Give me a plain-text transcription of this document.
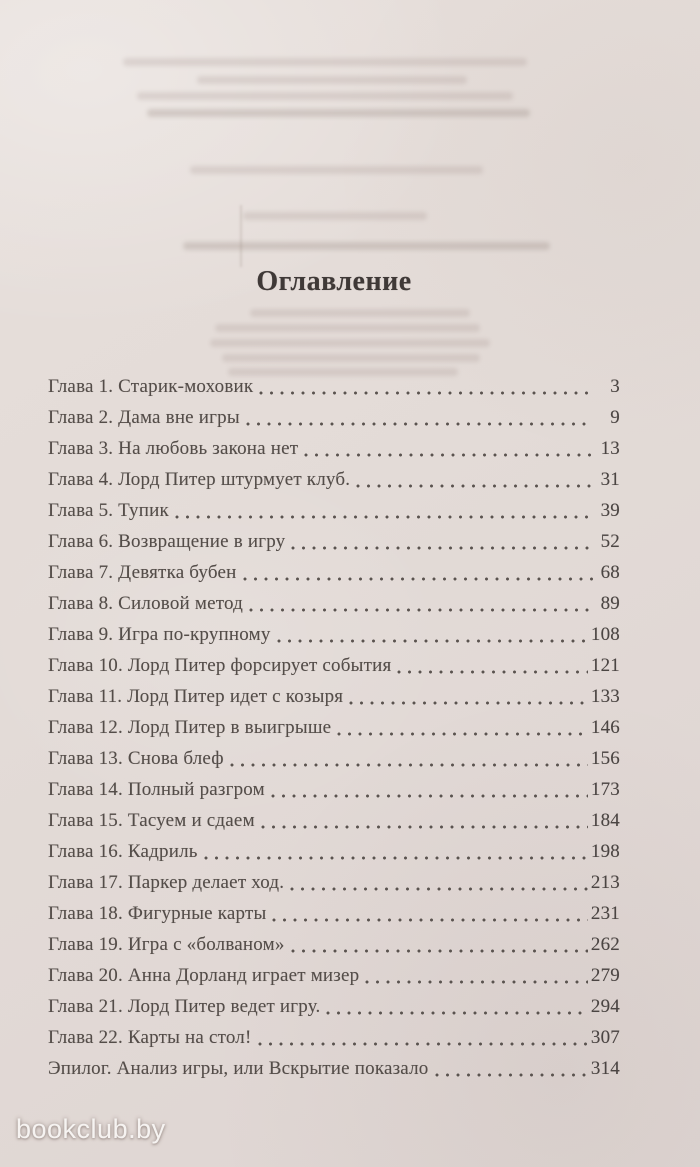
Оглавление
Глава 1. Старик-моховик	3
Глава 2. Дама вне игры	9
Глава 3. На любовь закона нет	13
Глава 4. Лорд Питер штурмует клуб.	31
Глава 5. Тупик	39
Глава 6. Возвращение в игру	52
Глава 7. Девятка бубен	68
Глава 8. Силовой метод	89
Глава 9. Игра по-крупному	108
Глава 10. Лорд Питер форсирует события	121
Глава 11. Лорд Питер идет с козыря	133
Глава 12. Лорд Питер в выигрыше	146
Глава 13. Снова блеф	156
Глава 14. Полный разгром	173
Глава 15. Тасуем и сдаем	184
Глава 16. Кадриль	198
Глава 17. Паркер делает ход.	213
Глава 18. Фигурные карты	231
Глава 19. Игра с «болваном»	262
Глава 20. Анна Дорланд играет мизер	279
Глава 21. Лорд Питер ведет игру.	294
Глава 22. Карты на стол!	307
Эпилог. Анализ игры, или Вскрытие показало	314
bookclub.by
